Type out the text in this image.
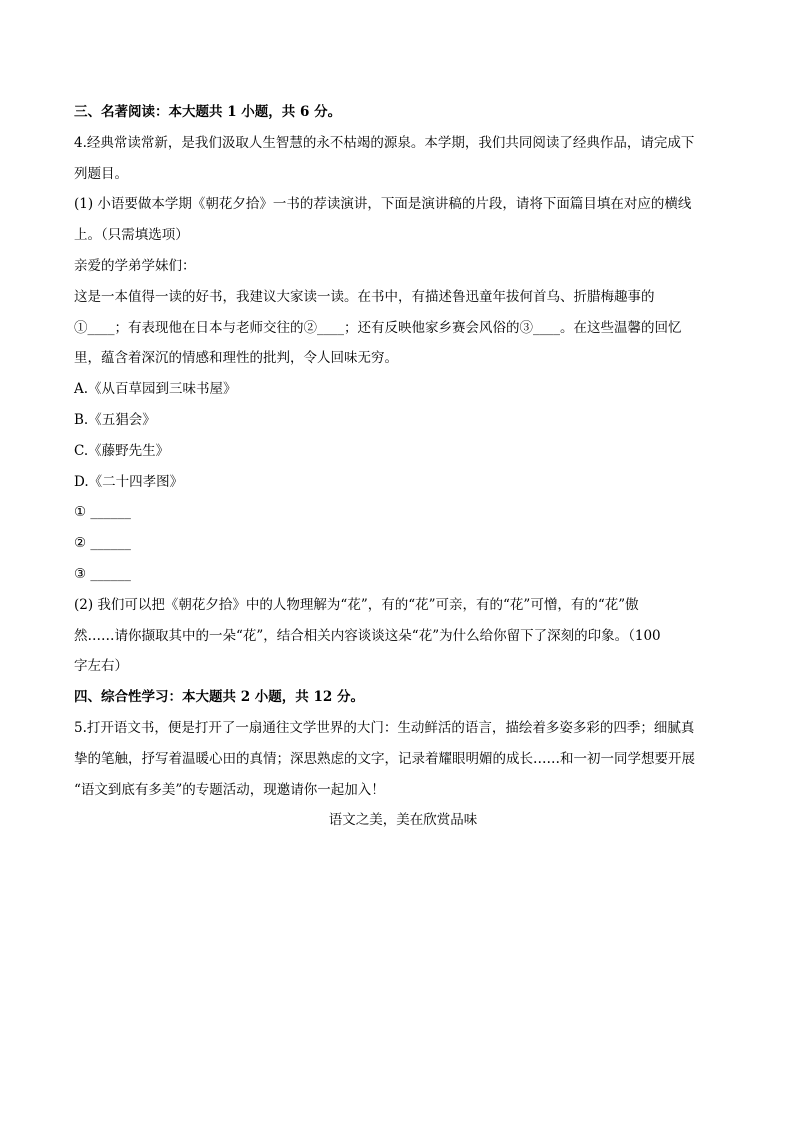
三、名著阅读：本大题共 1 小题，共 6 分。

4.经典常读常新，是我们汲取人生智慧的永不枯竭的源泉。本学期，我们共同阅读了经典作品，请完成下

列题目。

(1) 小语要做本学期《朝花夕拾》一书的荐读演讲，下面是演讲稿的片段，请将下面篇目填在对应的横线

上。（只需填选项）

亲爱的学弟学妹们：

这是一本值得一读的好书，我建议大家读一读。在书中，有描述鲁迅童年拔何首乌、折腊梅趣事的

①____；有表现他在日本与老师交往的②____；还有反映他家乡赛会风俗的③____。在这些温馨的回忆

里，蕴含着深沉的情感和理性的批判，令人回味无穷。

A.《从百草园到三味书屋》

B.《五猖会》

C.《藤野先生》

D.《二十四孝图》

① ______

② ______

③ ______

(2) 我们可以把《朝花夕拾》中的人物理解为“花”，有的“花”可亲，有的“花”可憎，有的“花”傲

然……请你撷取其中的一朵“花”，结合相关内容谈谈这朵“花”为什么给你留下了深刻的印象。（100

字左右）

四、综合性学习：本大题共 2 小题，共 12 分。

5.打开语文书，便是打开了一扇通往文学世界的大门：生动鲜活的语言，描绘着多姿多彩的四季；细腻真

挚的笔触，抒写着温暖心田的真情；深思熟虑的文字，记录着耀眼明媚的成长……和一初一同学想要开展

“语文到底有多美”的专题活动，现邀请你一起加入！

语文之美，美在欣赏品味
